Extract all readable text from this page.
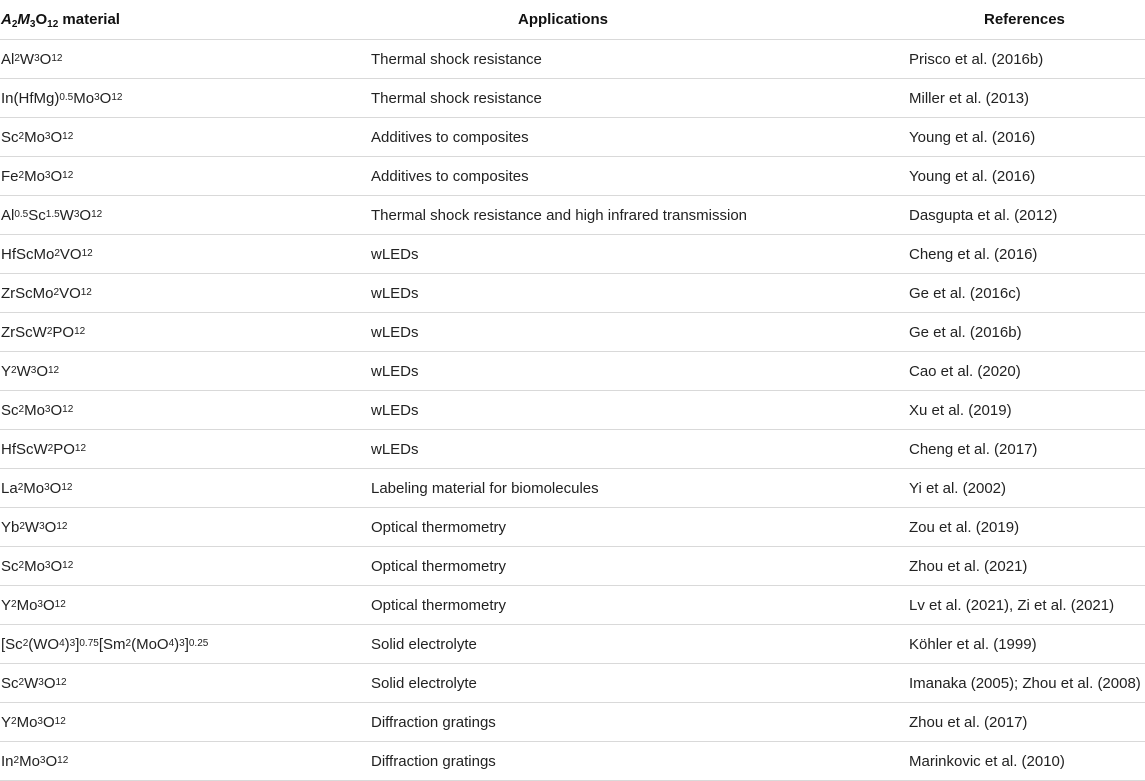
$A_2M_3O_{12}$ material	Applications	References
Al 2 W 3 O 12	Thermal shock resistance	Prisco et al. (2016b)
In(HfMg) 0.5 Mo 3 O 12	Thermal shock resistance	Miller et al. (2013)
Sc 2 Mo 3 O 12	Additives to composites	Young et al. (2016)
Fe 2 Mo 3 O 12	Additives to composites	Young et al. (2016)
Al 0.5 Sc 1.5 W 3 O 12	Thermal shock resistance and high infrared transmission	Dasgupta et al. (2012)
HfScMo 2 VO 12	wLEDs	Cheng et al. (2016)
ZrScMo 2 VO 12	wLEDs	Ge et al. (2016c)
ZrScW 2 PO 12	wLEDs	Ge et al. (2016b)
Y 2 W 3 O 12	wLEDs	Cao et al. (2020)
Sc 2 Mo 3 O 12	wLEDs	Xu et al. (2019)
HfScW 2 PO 12	wLEDs	Cheng et al. (2017)
La 2 Mo 3 O 12	Labeling material for biomolecules	Yi et al. (2002)
Yb 2 W 3 O 12	Optical thermometry	Zou et al. (2019)
Sc 2 Mo 3 O 12	Optical thermometry	Zhou et al. (2021)
Y 2 Mo 3 O 12	Optical thermometry	Lv et al. (2021), Zi et al. (2021)
[Sc 2 (WO 4 ) 3 ] 0.75 [Sm 2 (MoO 4 ) 3 ] 0.25	Solid electrolyte	Köhler et al. (1999)
Sc 2 W 3 O 12	Solid electrolyte	Imanaka (2005); Zhou et al. (2008)
Y 2 Mo 3 O 12	Diffraction gratings	Zhou et al. (2017)
In 2 Mo 3 O 12	Diffraction gratings	Marinkovic et al. (2010)
